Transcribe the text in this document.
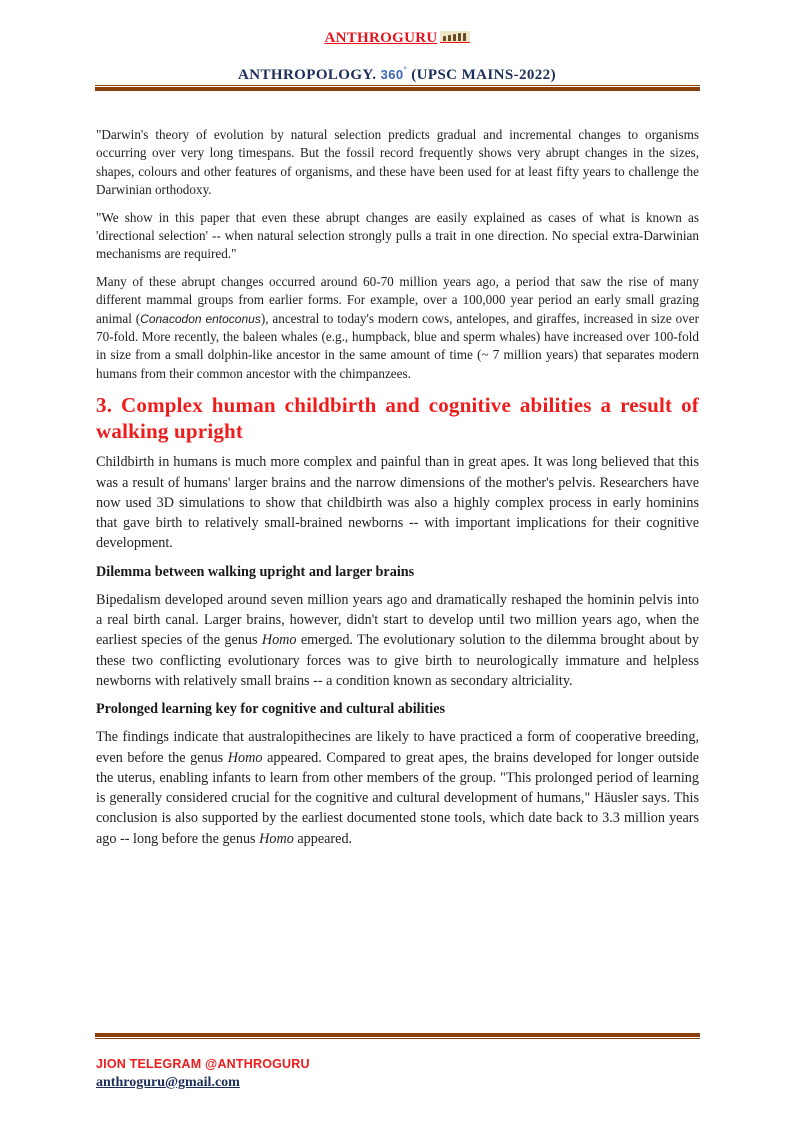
ANTHROGURU
ANTHROPOLOGY. 360° (UPSC MAINS-2022)

"Darwin's theory of evolution by natural selection predicts gradual and incremental changes to organisms occurring over very long timespans. But the fossil record frequently shows very abrupt changes in the sizes, shapes, colours and other features of organisms, and these have been used for at least fifty years to challenge the Darwinian orthodoxy.

"We show in this paper that even these abrupt changes are easily explained as cases of what is known as 'directional selection' -- when natural selection strongly pulls a trait in one direction. No special extra-Darwinian mechanisms are required."

Many of these abrupt changes occurred around 60-70 million years ago, a period that saw the rise of many different mammal groups from earlier forms. For example, over a 100,000 year period an early small grazing animal (Conacodon entoconus), ancestral to today's modern cows, antelopes, and giraffes, increased in size over 70-fold. More recently, the baleen whales (e.g., humpback, blue and sperm whales) have increased over 100-fold in size from a small dolphin-like ancestor in the same amount of time (~ 7 million years) that separates modern humans from their common ancestor with the chimpanzees.

3. Complex human childbirth and cognitive abilities a result of walking upright

Childbirth in humans is much more complex and painful than in great apes. It was long believed that this was a result of humans' larger brains and the narrow dimensions of the mother's pelvis. Researchers have now used 3D simulations to show that childbirth was also a highly complex process in early hominins that gave birth to relatively small-brained newborns -- with important implications for their cognitive development.

Dilemma between walking upright and larger brains

Bipedalism developed around seven million years ago and dramatically reshaped the hominin pelvis into a real birth canal. Larger brains, however, didn't start to develop until two million years ago, when the earliest species of the genus Homo emerged. The evolutionary solution to the dilemma brought about by these two conflicting evolutionary forces was to give birth to neurologically immature and helpless newborns with relatively small brains -- a condition known as secondary altriciality.

Prolonged learning key for cognitive and cultural abilities

The findings indicate that australopithecines are likely to have practiced a form of cooperative breeding, even before the genus Homo appeared. Compared to great apes, the brains developed for longer outside the uterus, enabling infants to learn from other members of the group. "This prolonged period of learning is generally considered crucial for the cognitive and cultural development of humans," Häusler says. This conclusion is also supported by the earliest documented stone tools, which date back to 3.3 million years ago -- long before the genus Homo appeared.

JION TELEGRAM @ANTHROGURU
anthroguru@gmail.com
